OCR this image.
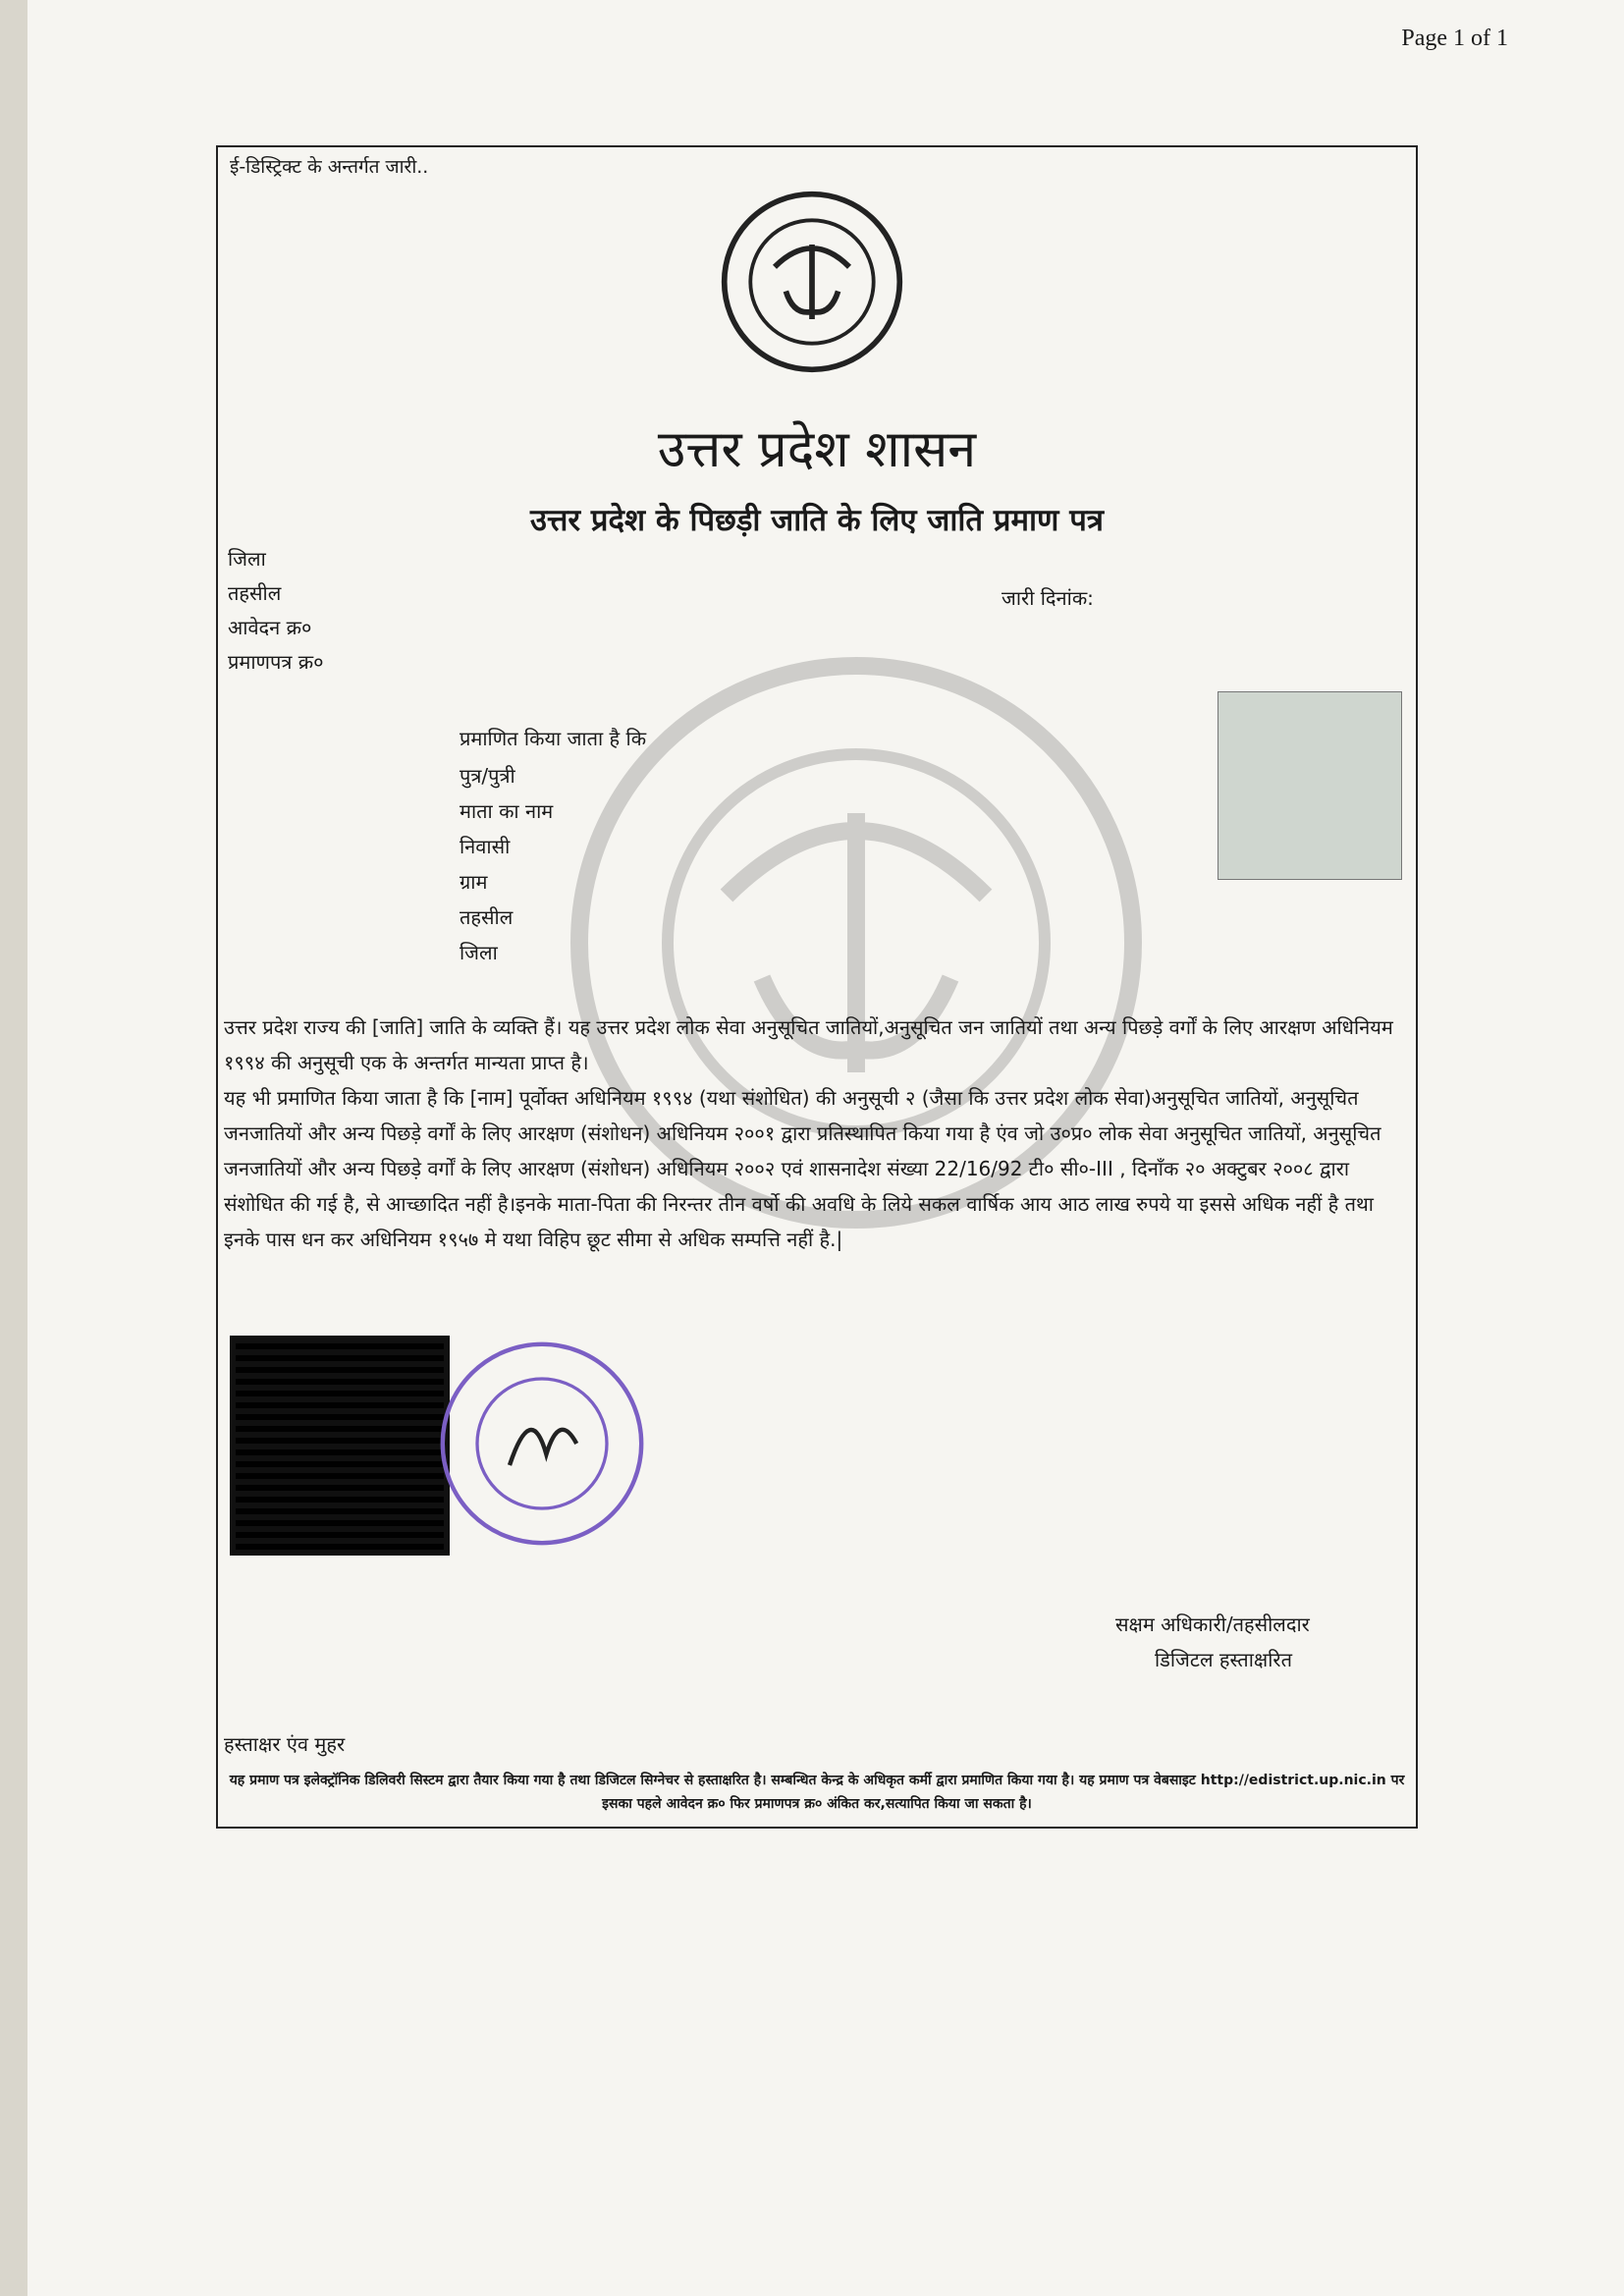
Page 1 of 1
ई-डिस्ट्रिक्ट के अन्तर्गत जारी..
उत्तर प्रदेश शासन
उत्तर प्रदेश के पिछड़ी जाति के लिए जाति प्रमाण पत्र
जिला
तहसील
आवेदन क्र०
प्रमाणपत्र क्र०
जारी दिनांक:
प्रमाणित किया जाता है कि
पुत्र/पुत्री
माता का नाम
निवासी
ग्राम
तहसील
जिला
उत्तर प्रदेश राज्य की [जाति] जाति के व्यक्ति हैं। यह उत्तर प्रदेश लोक सेवा अनुसूचित जातियों,अनुसूचित जन जातियों तथा अन्य पिछड़े वर्गों के लिए आरक्षण अधिनियम १९९४ की अनुसूची एक के अन्तर्गत मान्यता प्राप्त है।
यह भी प्रमाणित किया जाता है कि [नाम] पूर्वोक्त अधिनियम १९९४ (यथा संशोधित) की अनुसूची २ (जैसा कि उत्तर प्रदेश लोक सेवा)अनुसूचित जातियों, अनुसूचित जनजातियों और अन्य पिछड़े वर्गों के लिए आरक्षण (संशोधन) अधिनियम २००१ द्वारा प्रतिस्थापित किया गया है एंव जो उ०प्र० लोक सेवा अनुसूचित जातियों, अनुसूचित जनजातियों और अन्य पिछड़े वर्गों के लिए आरक्षण (संशोधन) अधिनियम २००२ एवं शासनादेश संख्या 22/16/92 टी० सी०-III , दिनाँक २० अक्टुबर २००८ द्वारा संशोधित की गई है, से आच्छादित नहीं है।इनके माता-पिता की निरन्तर तीन वर्षो की अवधि के लिये सकल वार्षिक आय आठ लाख रुपये या इससे अधिक नहीं है तथा इनके पास धन कर अधिनियम १९५७ मे यथा विहिप छूट सीमा से अधिक सम्पत्ति नहीं है.|
हस्ताक्षर एंव मुहर
सक्षम अधिकारी/तहसीलदार
डिजिटल हस्ताक्षरित
यह प्रमाण पत्र इलेक्ट्रॉनिक डिलिवरी सिस्टम द्वारा तैयार किया गया है तथा डिजिटल सिग्नेचर से हस्ताक्षरित है। सम्बन्धित केन्द्र के अधिकृत कर्मी द्वारा प्रमाणित किया गया है। यह प्रमाण पत्र वेबसाइट http://edistrict.up.nic.in पर इसका पहले आवेदन क्र० फिर प्रमाणपत्र क्र० अंकित कर,सत्यापित किया जा सकता है।
